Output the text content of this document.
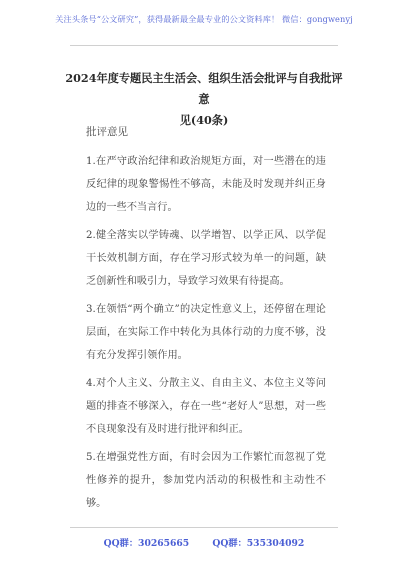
关注头条号“公文研究”，获得最新最全最专业的公文资料库！ 微信：gongwenyj
2024年度专题民主生活会、组织生活会批评与自我批评意
见(40条)
批评意见
1.在严守政治纪律和政治规矩方面，对一些潜在的违反纪律的现象警惕性不够高，未能及时发现并纠正身边的一些不当言行。
2.健全落实以学铸魂、以学增智、以学正风、以学促干长效机制方面，存在学习形式较为单一的问题，缺乏创新性和吸引力，导致学习效果有待提高。
3.在领悟“两个确立”的决定性意义上，还停留在理论层面，在实际工作中转化为具体行动的力度不够，没有充分发挥引领作用。
4.对个人主义、分散主义、自由主义、本位主义等问题的排查不够深入，存在一些“老好人”思想，对一些不良现象没有及时进行批评和纠正。
5.在增强党性方面，有时会因为工作繁忙而忽视了党性修养的提升，参加党内活动的积极性和主动性不够。
QQ群：30265665	QQ群：535304092
